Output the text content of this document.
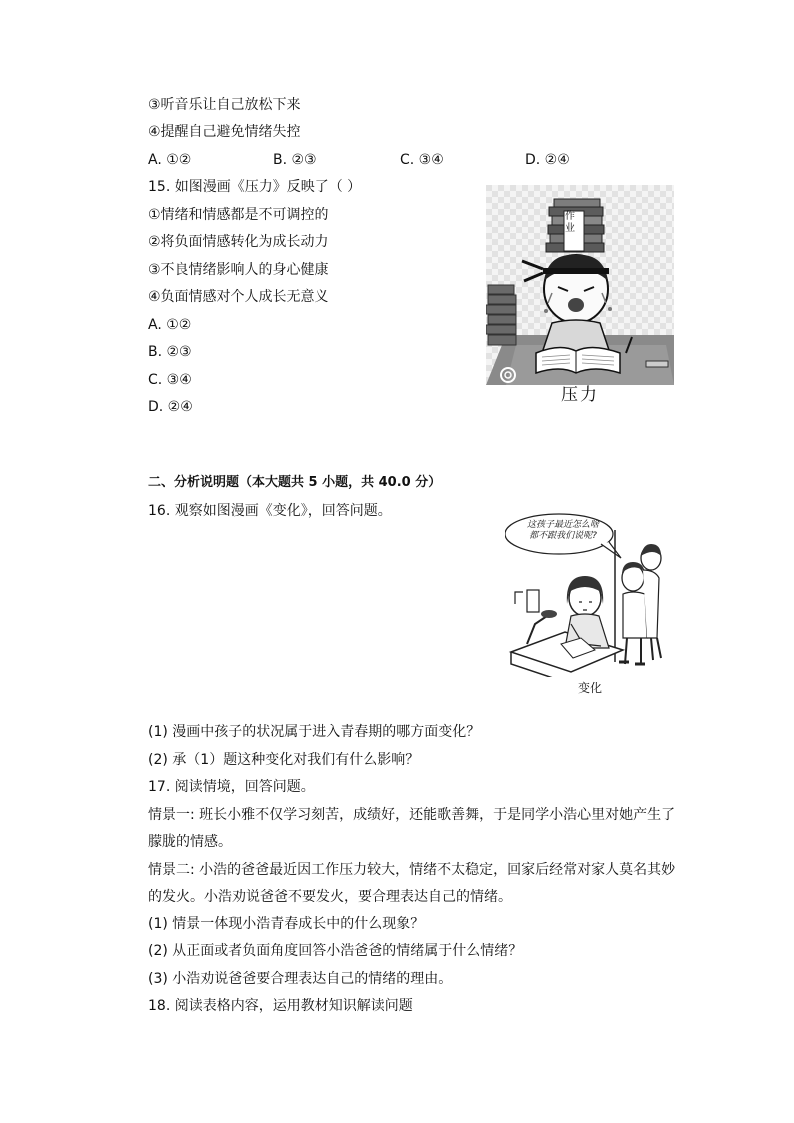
③听音乐让自己放松下来
④提醒自己避免情绪失控
A. ①②	B. ②③	C. ③④	D. ②④
15. 如图漫画《压力》反映了（ ）
①情绪和情感都是不可调控的
②将负面情感转化为成长动力
③不良情绪影响人的身心健康
④负面情感对个人成长无意义
A. ①②
B. ②③
C. ③④
D. ②④
作业
压力
二、分析说明题（本大题共 5 小题，共 40.0 分）
16. 观察如图漫画《变化》，回答问题。
这孩子最近怎么啥
都不跟我们说呢?
变化
(1) 漫画中孩子的状况属于进入青春期的哪方面变化？
(2) 承（1）题这种变化对我们有什么影响？
17. 阅读情境，回答问题。
情景一: 班长小雅不仅学习刻苦，成绩好，还能歌善舞，于是同学小浩心里对她产生了
朦胧的情感。
情景二: 小浩的爸爸最近因工作压力较大，情绪不太稳定，回家后经常对家人莫名其妙
的发火。小浩劝说爸爸不要发火，要合理表达自己的情绪。
(1) 情景一体现小浩青春成长中的什么现象？
(2) 从正面或者负面角度回答小浩爸爸的情绪属于什么情绪？
(3) 小浩劝说爸爸要合理表达自己的情绪的理由。
18. 阅读表格内容，运用教材知识解读问题
